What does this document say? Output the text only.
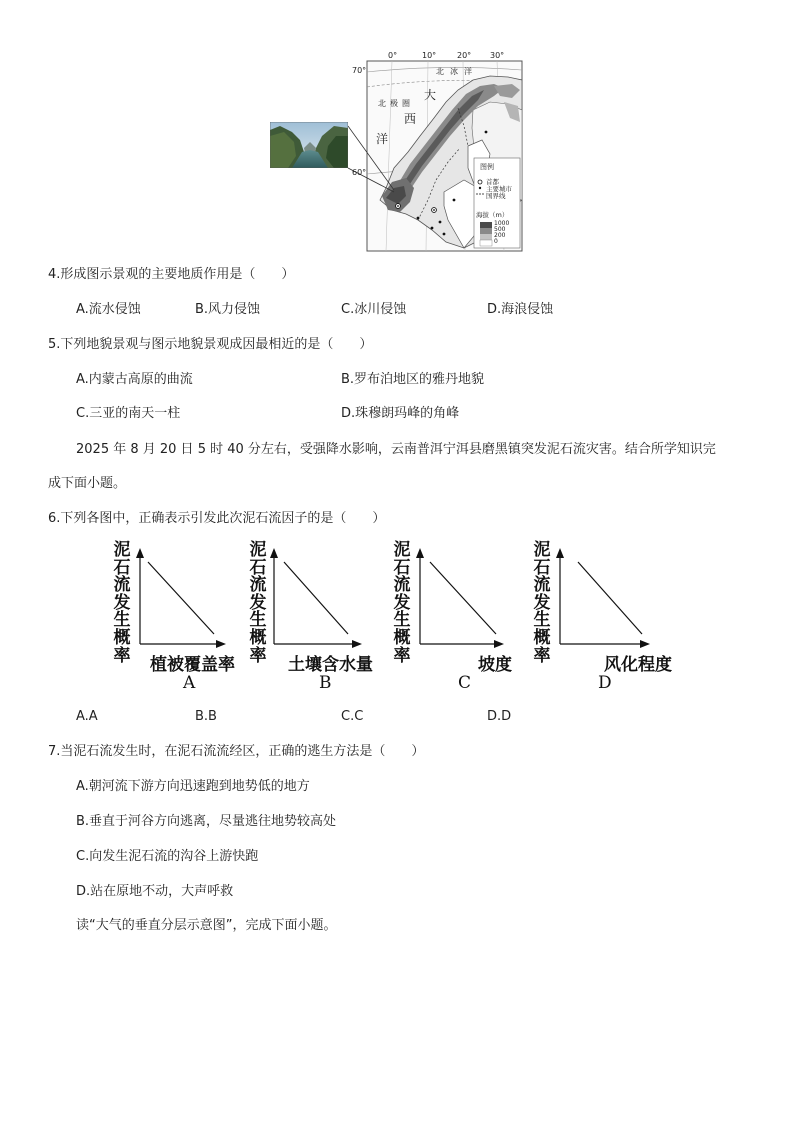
0°	10°	20° 30°
70°
60°
北 冰 洋
北 极 圈
大
西
洋
图例
首都
主要城市
国界线
海拔（m）
1000
500
200
0
4.形成图示景观的主要地质作用是（　　）
A.流水侵蚀	B.风力侵蚀	C.冰川侵蚀	D.海浪侵蚀
5.下列地貌景观与图示地貌景观成因最相近的是（　　）
A.内蒙古高原的曲流	B.罗布泊地区的雅丹地貌
C.三亚的南天一柱	D.珠穆朗玛峰的角峰
2025 年 8 月 20 日 5 时 40 分左右，受强降水影响，云南普洱宁洱县磨黑镇突发泥石流灾害。结合所学知识完
成下面小题。
6.下列各图中，正确表示引发此次泥石流因子的是（　　）
泥
石
流
发
生
概
率 植被覆盖率
A
泥
石
流
发
生
概
率 土壤含水量
B
泥
石
流
发
生
概
率	坡度
C
泥
石
流
发
生
概
率	风化程度
D
A.A	B.B	C.C	D.D
7.当泥石流发生时，在泥石流流经区，正确的逃生方法是（　　）
A.朝河流下游方向迅速跑到地势低的地方
B.垂直于河谷方向逃离，尽量逃往地势较高处
C.向发生泥石流的沟谷上游快跑
D.站在原地不动，大声呼救
读“大气的垂直分层示意图”，完成下面小题。
